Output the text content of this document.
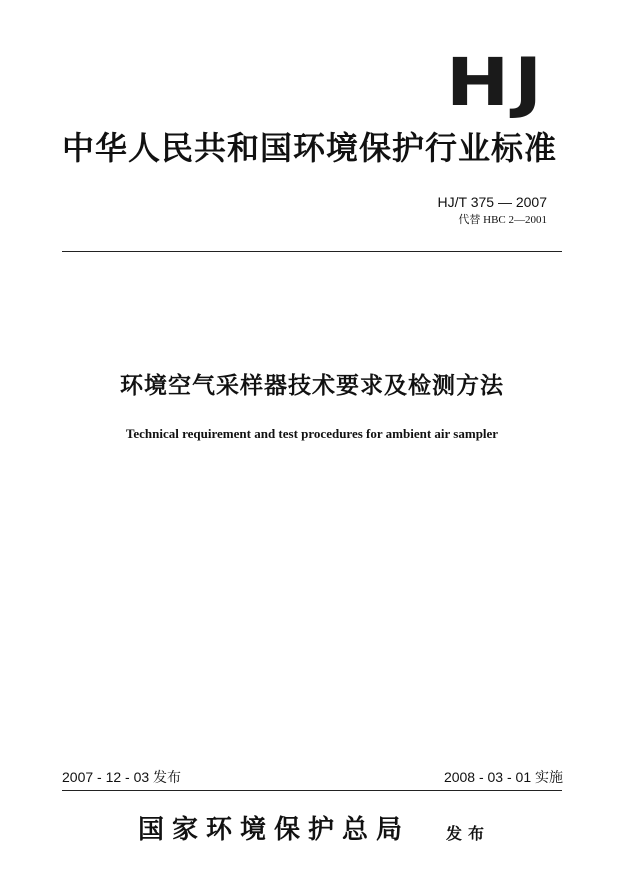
HJ
中华人民共和国环境保护行业标准
HJ/T 375 — 2007
代替 HBC 2—2001
环境空气采样器技术要求及检测方法
Technical requirement and test procedures for ambient air sampler
2007 - 12 - 03 发布	2008 - 03 - 01 实施
国家环境保护总局 发布
